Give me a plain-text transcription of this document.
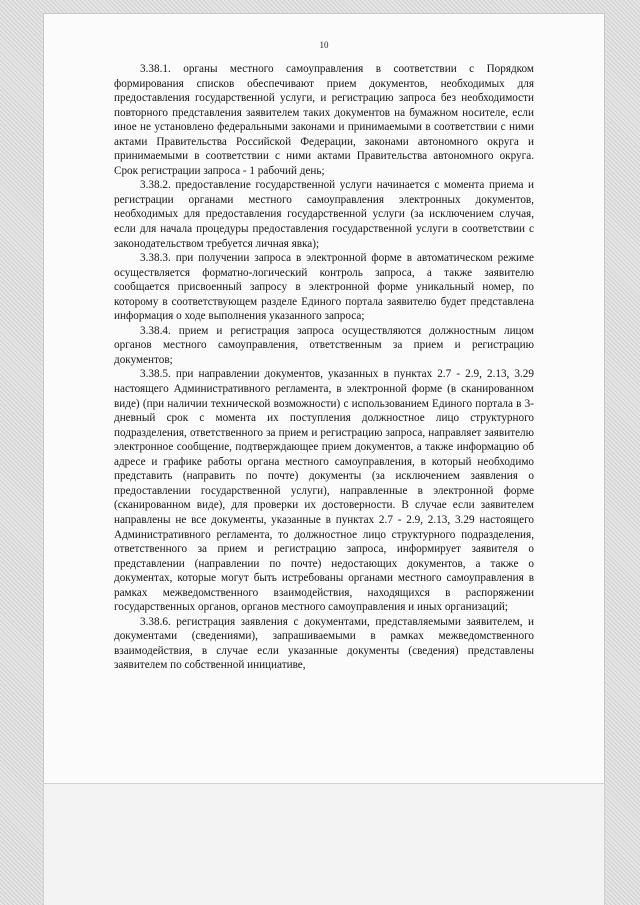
10

3.38.1. органы местного самоуправления в соответствии с Порядком формирования списков обеспечивают прием документов, необходимых для предоставления государственной услуги, и регистрацию запроса без необходимости повторного представления заявителем таких документов на бумажном носителе, если иное не установлено федеральными законами и принимаемыми в соответствии с ними актами Правительства Российской Федерации, законами автономного округа и принимаемыми в соответствии с ними актами Правительства автономного округа. Срок регистрации запроса - 1 рабочий день;

3.38.2. предоставление государственной услуги начинается с момента приема и регистрации органами местного самоуправления электронных документов, необходимых для предоставления государственной услуги (за исключением случая, если для начала процедуры предоставления государственной услуги в соответствии с законодательством требуется личная явка);

3.38.3. при получении запроса в электронной форме в автоматическом режиме осуществляется форматно-логический контроль запроса, а также заявителю сообщается присвоенный запросу в электронной форме уникальный номер, по которому в соответствующем разделе Единого портала заявителю будет представлена информация о ходе выполнения указанного запроса;

3.38.4. прием и регистрация запроса осуществляются должностным лицом органов местного самоуправления, ответственным за прием и регистрацию документов;

3.38.5. при направлении документов, указанных в пунктах 2.7 - 2.9, 2.13, 3.29 настоящего Административного регламента, в электронной форме (в сканированном виде) (при наличии технической возможности) с использованием Единого портала в 3-дневный срок с момента их поступления должностное лицо структурного подразделения, ответственного за прием и регистрацию запроса, направляет заявителю электронное сообщение, подтверждающее прием документов, а также информацию об адресе и графике работы органа местного самоуправления, в который необходимо представить (направить по почте) документы (за исключением заявления о предоставлении государственной услуги), направленные в электронной форме (сканированном виде), для проверки их достоверности. В случае если заявителем направлены не все документы, указанные в пунктах 2.7 - 2.9, 2.13, 3.29 настоящего Административного регламента, то должностное лицо структурного подразделения, ответственного за прием и регистрацию запроса, информирует заявителя о представлении (направлении по почте) недостающих документов, а также о документах, которые могут быть истребованы органами местного самоуправления в рамках межведомственного взаимодействия, находящихся в распоряжении государственных органов, органов местного самоуправления и иных организаций;

3.38.6. регистрация заявления с документами, представляемыми заявителем, и документами (сведениями), запрашиваемыми в рамках межведомственного взаимодействия, в случае если указанные документы (сведения) представлены заявителем по собственной инициативе,
